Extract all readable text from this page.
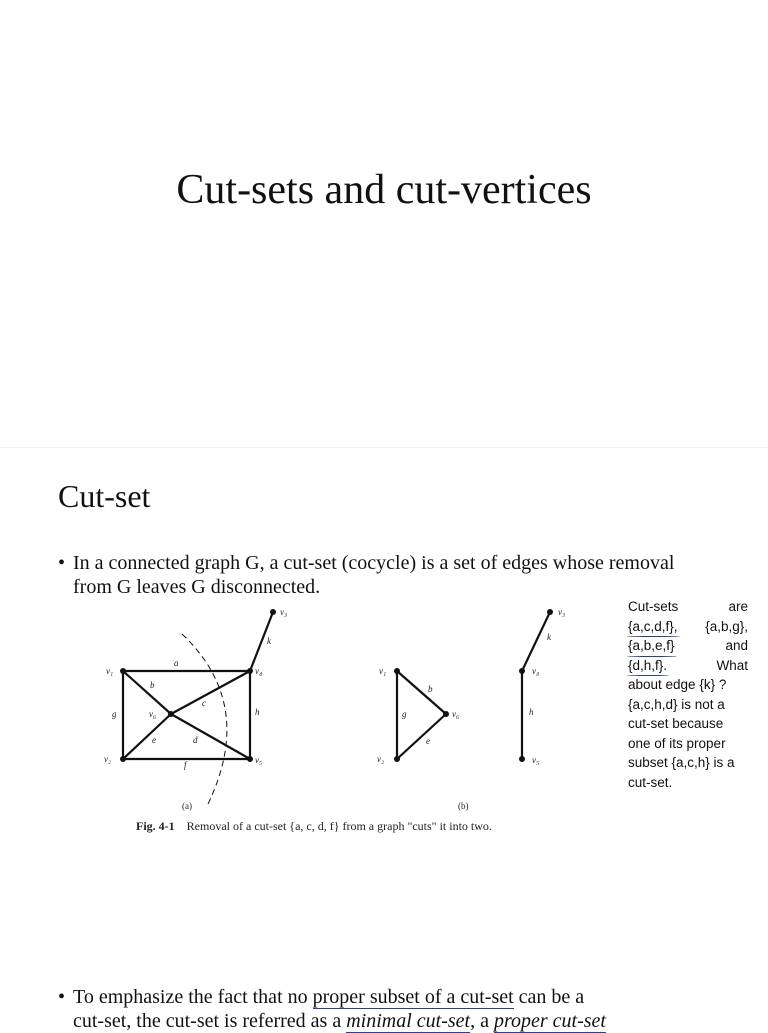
Cut-sets and cut-vertices
Cut-set
• In a connected graph G, a cut-set (cocycle) is a set of edges whose removal from G leaves G disconnected.
v₁
v₂
v₃
v₄
v₅
v₆
a
b
c
d
e
f
g	h
k
(a)
v₁
v₂
v₆
b
g
e
v₄
v₅
v₃
h
k
(b)
Fig. 4-1 Removal of a cut-set {a, c, d, f} from a graph "cuts" it into two.
Cut-sets	are
{a,c,d,f}, {a,b,g},
{a,b,e,f}	and
{d,h,f}.	What
about edge {k} ?
{a,c,h,d} is not a
cut-set because
one of its proper
subset {a,c,h} is a
cut-set.
• To emphasize the fact that no proper subset of a cut-set can be a
cut-set, the cut-set is referred as a minimal cut-set, a proper cut-set
